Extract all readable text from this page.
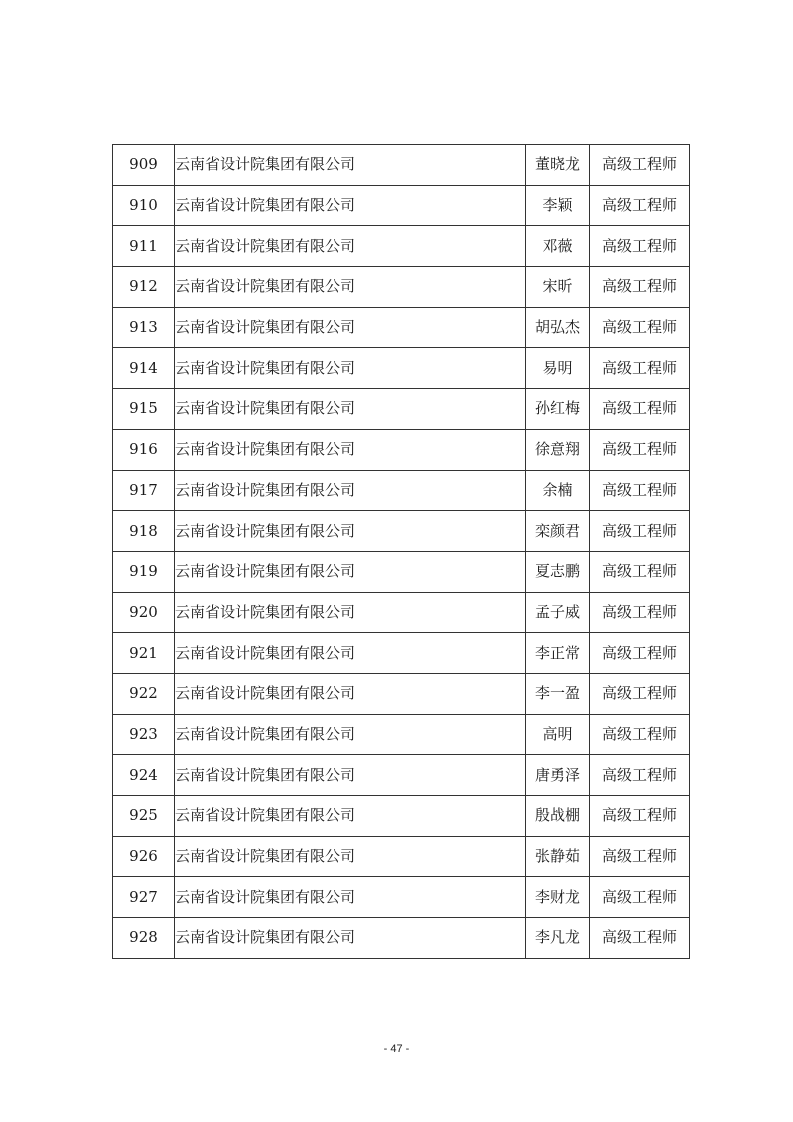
909	云南省设计院集团有限公司	董晓龙	高级工程师
910	云南省设计院集团有限公司	李颖	高级工程师
911	云南省设计院集团有限公司	邓薇	高级工程师
912	云南省设计院集团有限公司	宋昕	高级工程师
913	云南省设计院集团有限公司	胡弘杰	高级工程师
914	云南省设计院集团有限公司	易明	高级工程师
915	云南省设计院集团有限公司	孙红梅	高级工程师
916	云南省设计院集团有限公司	徐意翔	高级工程师
917	云南省设计院集团有限公司	余楠	高级工程师
918	云南省设计院集团有限公司	栾颜君	高级工程师
919	云南省设计院集团有限公司	夏志鹏	高级工程师
920	云南省设计院集团有限公司	孟子威	高级工程师
921	云南省设计院集团有限公司	李正常	高级工程师
922	云南省设计院集团有限公司	李一盈	高级工程师
923	云南省设计院集团有限公司	高明	高级工程师
924	云南省设计院集团有限公司	唐勇泽	高级工程师
925	云南省设计院集团有限公司	殷战棚	高级工程师
926	云南省设计院集团有限公司	张静茹	高级工程师
927	云南省设计院集团有限公司	李财龙	高级工程师
928	云南省设计院集团有限公司	李凡龙	高级工程师
- 47 -
